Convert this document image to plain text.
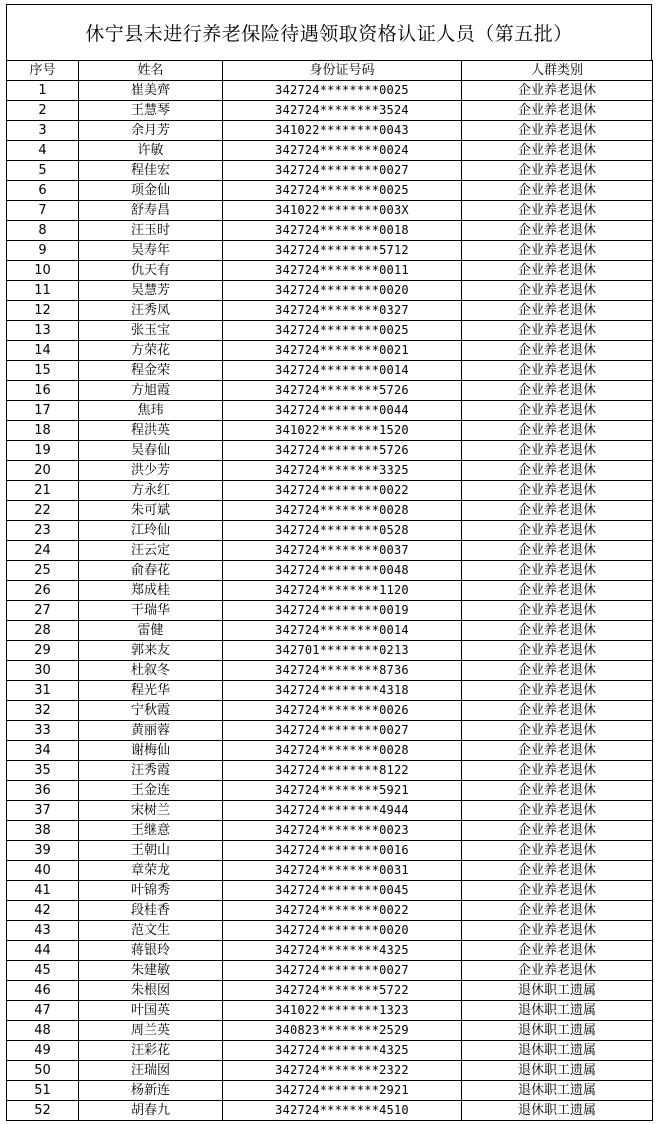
休宁县未进行养老保险待遇领取资格认证人员（第五批）
序号	姓名	身份证号码	人群类别
1	崔美齊	342724********0025	企业养老退休
2	王慧琴	342724********3524	企业养老退休
3	余月芳	341022********0043	企业养老退休
4	许敏	342724********0024	企业养老退休
5	程佳宏	342724********0027	企业养老退休
6	项金仙	342724********0025	企业养老退休
7	舒寿昌	341022********003X	企业养老退休
8	汪玉时	342724********0018	企业养老退休
9	吴寿年	342724********5712	企业养老退休
10	仇天有	342724********0011	企业养老退休
11	吴慧芳	342724********0020	企业养老退休
12	汪秀凤	342724********0327	企业养老退休
13	张玉宝	342724********0025	企业养老退休
14	方荣花	342724********0021	企业养老退休
15	程金荣	342724********0014	企业养老退休
16	方旭霞	342724********5726	企业养老退休
17	焦玮	342724********0044	企业养老退休
18	程洪英	341022********1520	企业养老退休
19	吴春仙	342724********5726	企业养老退休
20	洪少芳	342724********3325	企业养老退休
21	方永红	342724********0022	企业养老退休
22	朱可斌	342724********0028	企业养老退休
23	江玲仙	342724********0528	企业养老退休
24	汪云定	342724********0037	企业养老退休
25	俞春花	342724********0048	企业养老退休
26	郑成桂	342724********1120	企业养老退休
27	干瑞华	342724********0019	企业养老退休
28	雷健	342724********0014	企业养老退休
29	郭来友	342701********0213	企业养老退休
30	杜叙冬	342724********8736	企业养老退休
31	程光华	342724********4318	企业养老退休
32	宁秋霞	342724********0026	企业养老退休
33	黄丽蓉	342724********0027	企业养老退休
34	谢梅仙	342724********0028	企业养老退休
35	汪秀霞	342724********8122	企业养老退休
36	王金连	342724********5921	企业养老退休
37	宋树兰	342724********4944	企业养老退休
38	王继意	342724********0023	企业养老退休
39	王朝山	342724********0016	企业养老退休
40	章荣龙	342724********0031	企业养老退休
41	叶锦秀	342724********0045	企业养老退休
42	段桂香	342724********0022	企业养老退休
43	范文生	342724********0020	企业养老退休
44	蒋银玲	342724********4325	企业养老退休
45	朱建敏	342724********0027	企业养老退休
46	朱根囡	342724********5722	退休职工遗属
47	叶国英	341022********1323	退休职工遗属
48	周兰英	340823********2529	退休职工遗属
49	汪彩花	342724********4325	退休职工遗属
50	汪瑞囡	342724********2322	退休职工遗属
51	杨新连	342724********2921	退休职工遗属
52	胡春九	342724********4510	退休职工遗属
